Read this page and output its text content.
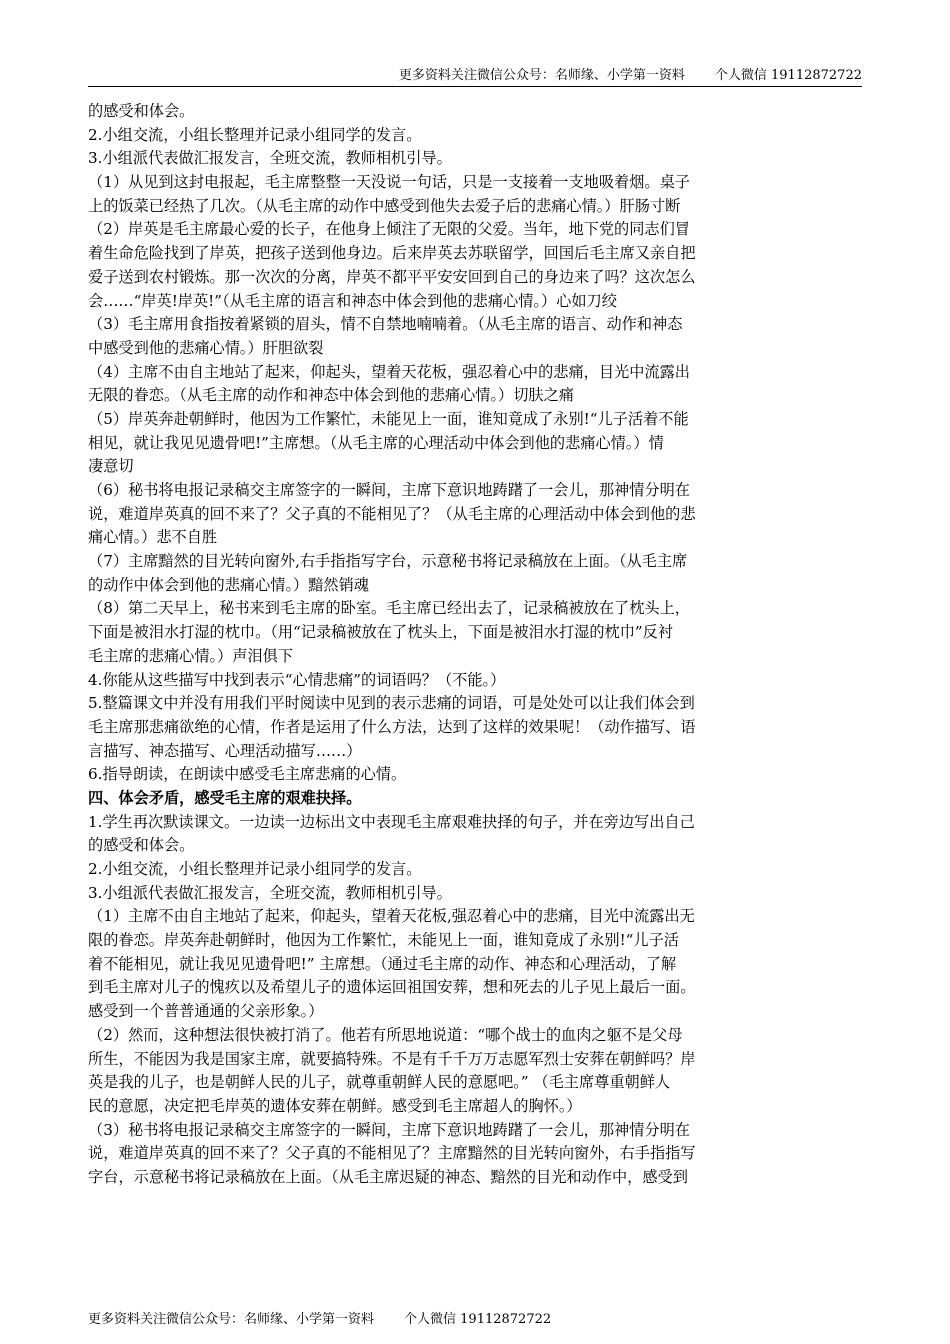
更多资料关注微信公众号：名师缘、小学第一资料 个人微信 19112872722
的感受和体会。
2.小组交流，小组长整理并记录小组同学的发言。
3.小组派代表做汇报发言，全班交流，教师相机引导。
（1）从见到这封电报起，毛主席整整一天没说一句话，只是一支接着一支地吸着烟。桌子
上的饭菜已经热了几次。（从毛主席的动作中感受到他失去爱子后的悲痛心情。）肝肠寸断
（2）岸英是毛主席最心爱的长子，在他身上倾注了无限的父爱。当年，地下党的同志们冒
着生命危险找到了岸英，把孩子送到他身边。后来岸英去苏联留学，回国后毛主席又亲自把
爱子送到农村锻炼。那一次次的分离，岸英不都平平安安回到自己的身边来了吗？这次怎么
会……“岸英!岸英!”（从毛主席的语言和神态中体会到他的悲痛心情。）心如刀绞
（3）毛主席用食指按着紧锁的眉头，情不自禁地喃喃着。（从毛主席的语言、动作和神态
中感受到他的悲痛心情。）肝胆欲裂
（4）主席不由自主地站了起来，仰起头，望着天花板，强忍着心中的悲痛，目光中流露出
无限的眷恋。（从毛主席的动作和神态中体会到他的悲痛心情。）切肤之痛
（5）岸英奔赴朝鲜时，他因为工作繁忙，未能见上一面，谁知竟成了永别!“儿子活着不能
相见，就让我见见遗骨吧!”主席想。（从毛主席的心理活动中体会到他的悲痛心情。）情
凄意切
（6）秘书将电报记录稿交主席签字的一瞬间，主席下意识地踌躇了一会儿，那神情分明在
说，难道岸英真的回不来了？父子真的不能相见了？（从毛主席的心理活动中体会到他的悲
痛心情。）悲不自胜
（7）主席黯然的目光转向窗外,右手指指写字台，示意秘书将记录稿放在上面。（从毛主席
的动作中体会到他的悲痛心情。）黯然销魂
（8）第二天早上，秘书来到毛主席的卧室。毛主席已经出去了，记录稿被放在了枕头上，
下面是被泪水打湿的枕巾。（用“记录稿被放在了枕头上，下面是被泪水打湿的枕巾”反衬
毛主席的悲痛心情。）声泪俱下
4.你能从这些描写中找到表示“心情悲痛”的词语吗？（不能。）
5.整篇课文中并没有用我们平时阅读中见到的表示悲痛的词语，可是处处可以让我们体会到
毛主席那悲痛欲绝的心情，作者是运用了什么方法，达到了这样的效果呢！（动作描写、语
言描写、神态描写、心理活动描写……）
6.指导朗读，在朗读中感受毛主席悲痛的心情。
四、体会矛盾，感受毛主席的艰难抉择。
1.学生再次默读课文。一边读一边标出文中表现毛主席艰难抉择的句子，并在旁边写出自己
的感受和体会。
2.小组交流，小组长整理并记录小组同学的发言。
3.小组派代表做汇报发言，全班交流，教师相机引导。
（1）主席不由自主地站了起来，仰起头，望着天花板,强忍着心中的悲痛，目光中流露出无
限的眷恋。岸英奔赴朝鲜时，他因为工作繁忙，未能见上一面，谁知竟成了永别!“儿子活
着不能相见，就让我见见遗骨吧!” 主席想。（通过毛主席的动作、神态和心理活动，了解
到毛主席对儿子的愧疚以及希望儿子的遗体运回祖国安葬，想和死去的儿子见上最后一面。
感受到一个普普通通的父亲形象。）
（2）然而，这种想法很快被打消了。他若有所思地说道：“哪个战士的血肉之躯不是父母
所生，不能因为我是国家主席，就要搞特殊。不是有千千万万志愿军烈士安葬在朝鲜吗？岸
英是我的儿子，也是朝鲜人民的儿子，就尊重朝鲜人民的意愿吧。” （毛主席尊重朝鲜人
民的意愿，决定把毛岸英的遗体安葬在朝鲜。感受到毛主席超人的胸怀。）
（3）秘书将电报记录稿交主席签字的一瞬间，主席下意识地踌躇了一会儿，那神情分明在
说，难道岸英真的回不来了？父子真的不能相见了？主席黯然的目光转向窗外，右手指指写
字台，示意秘书将记录稿放在上面。（从毛主席迟疑的神态、黯然的目光和动作中，感受到
更多资料关注微信公众号：名师缘、小学第一资料 个人微信 19112872722
